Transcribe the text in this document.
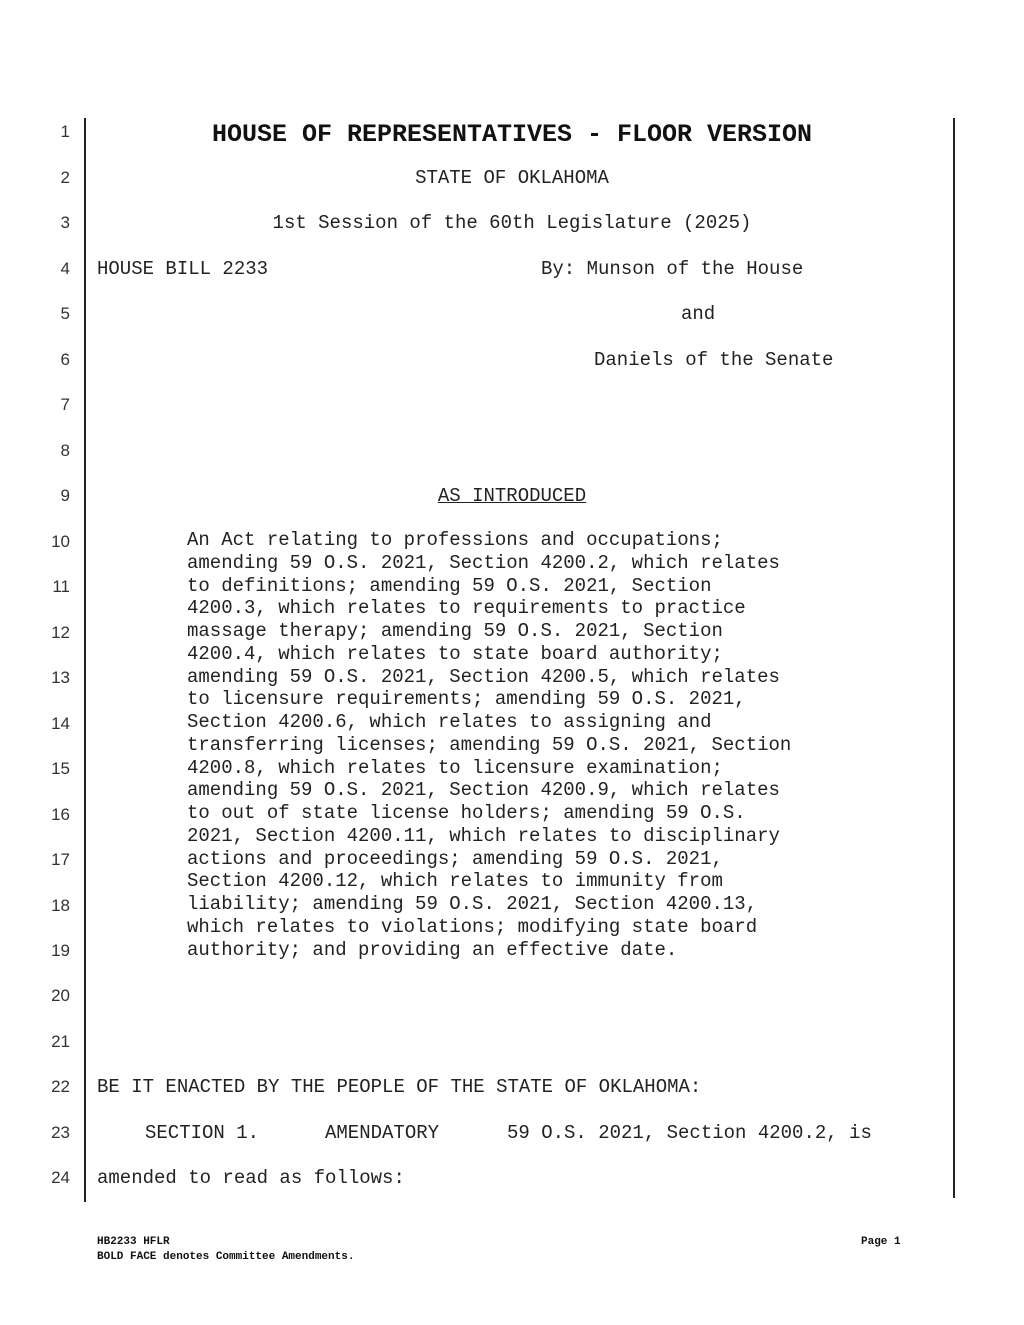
1
2
3
4
5
6
7
8
9
10
11
12
13
14
15
16
17
18
19
20
21
22
23
24
HOUSE OF REPRESENTATIVES - FLOOR VERSION
STATE OF OKLAHOMA
1st Session of the 60th Legislature (2025)
HOUSE BILL 2233	By: Munson of the House
and
Daniels of the Senate
AS INTRODUCED
An Act relating to professions and occupations;
amending 59 O.S. 2021, Section 4200.2, which relates
to definitions; amending 59 O.S. 2021, Section
4200.3, which relates to requirements to practice
massage therapy; amending 59 O.S. 2021, Section
4200.4, which relates to state board authority;
amending 59 O.S. 2021, Section 4200.5, which relates
to licensure requirements; amending 59 O.S. 2021,
Section 4200.6, which relates to assigning and
transferring licenses; amending 59 O.S. 2021, Section
4200.8, which relates to licensure examination;
amending 59 O.S. 2021, Section 4200.9, which relates
to out of state license holders; amending 59 O.S.
2021, Section 4200.11, which relates to disciplinary
actions and proceedings; amending 59 O.S. 2021,
Section 4200.12, which relates to immunity from
liability; amending 59 O.S. 2021, Section 4200.13,
which relates to violations; modifying state board
authority; and providing an effective date.
BE IT ENACTED BY THE PEOPLE OF THE STATE OF OKLAHOMA:
SECTION 1.	AMENDATORY	59 O.S. 2021, Section 4200.2, is
amended to read as follows:
HB2233 HFLR
BOLD FACE denotes Committee Amendments.
Page 1
